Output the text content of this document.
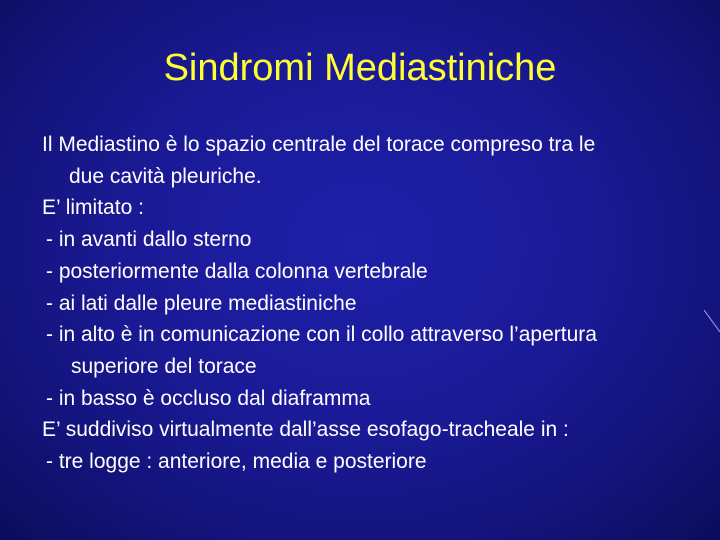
Sindromi Mediastiniche

Il Mediastino è lo spazio centrale del torace compreso tra le

due cavità pleuriche.

E’ limitato :

- in avanti dallo sterno

- posteriormente dalla colonna vertebrale

- ai lati dalle pleure mediastiniche

- in alto è in comunicazione con il collo attraverso l’apertura

superiore del torace

- in basso è occluso dal diaframma

E’ suddiviso virtualmente dall’asse esofago-tracheale in :

- tre logge : anteriore, media e posteriore
